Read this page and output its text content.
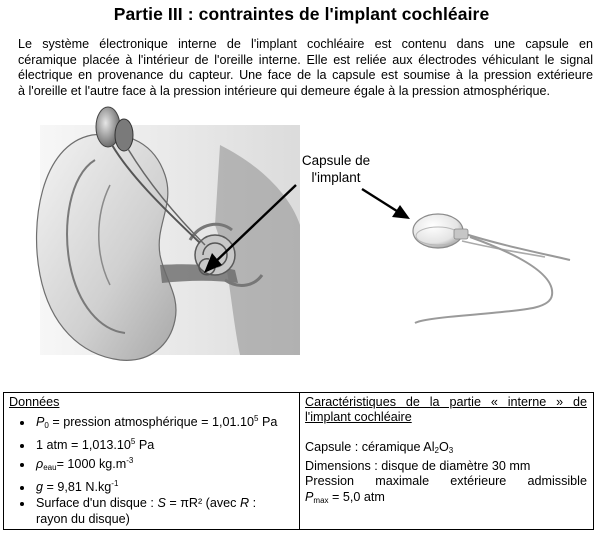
Partie III : contraintes de l'implant cochléaire
Le système électronique interne de l'implant cochléaire est contenu dans une capsule en
céramique placée à l'intérieur de l'oreille interne. Elle est reliée aux électrodes véhiculant le signal
électrique en provenance du capteur. Une face de la capsule est soumise à la pression extérieure
à l'oreille et l'autre face à la pression intérieure qui demeure égale à la pression atmosphérique.
Capsule de
l'implant
Données
• $P_0$ = pression atmosphérique = $1,01.10^5$ Pa
• 1 atm = $1,013.10^5$ Pa
• $\rho_{eau}= 1000$ $kg.m^{-3}$
• g = 9,81 $N.kg^{-1}$
• Surface d'un disque : S = πR² (avec R :
rayon du disque)

Caractéristiques de la partie « interne » de
l'implant cochléaire
Capsule : céramique $Al_2O_3$
Dimensions : disque de diamètre 30 mm
Pression maximale extérieure admissible
$P_{max} = 5,0$ atm
